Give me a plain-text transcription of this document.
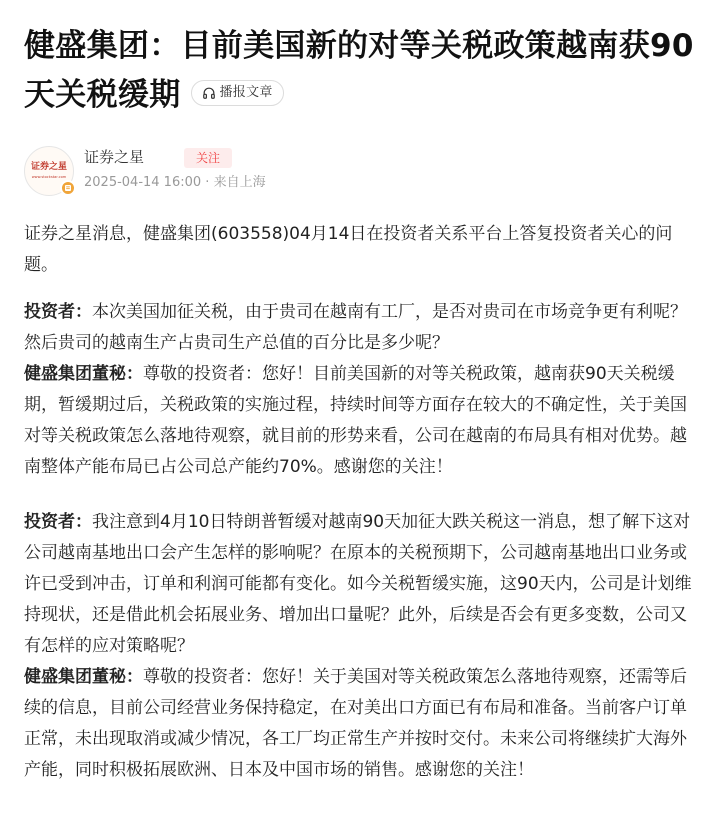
健盛集团：目前美国新的对等关税政策越南获90天关税缓期	播报文章
证券之星
www.stockstar.com
证券之星	关注
2025-04-14 16:00 · 来自上海

证券之星消息，健盛集团(603558)04月14日在投资者关系平台上答复投资者关心的问题。

投资者：本次美国加征关税，由于贵司在越南有工厂，是否对贵司在市场竞争更有利呢？然后贵司的越南生产占贵司生产总值的百分比是多少呢？

健盛集团董秘：尊敬的投资者：您好！目前美国新的对等关税政策，越南获90天关税缓期，暂缓期过后，关税政策的实施过程，持续时间等方面存在较大的不确定性，关于美国对等关税政策怎么落地待观察，就目前的形势来看，公司在越南的布局具有相对优势。越南整体产能布局已占公司总产能约70%。感谢您的关注！

投资者：我注意到4月10日特朗普暂缓对越南90天加征大跌关税这一消息，想了解下这对公司越南基地出口会产生怎样的影响呢？在原本的关税预期下，公司越南基地出口业务或许已受到冲击，订单和利润可能都有变化。如今关税暂缓实施，这90天内，公司是计划维持现状，还是借此机会拓展业务、增加出口量呢？此外，后续是否会有更多变数，公司又有怎样的应对策略呢？

健盛集团董秘：尊敬的投资者：您好！关于美国对等关税政策怎么落地待观察，还需等后续的信息，目前公司经营业务保持稳定，在对美出口方面已有布局和准备。当前客户订单正常，未出现取消或减少情况，各工厂均正常生产并按时交付。未来公司将继续扩大海外产能，同时积极拓展欧洲、日本及中国市场的销售。感谢您的关注！
